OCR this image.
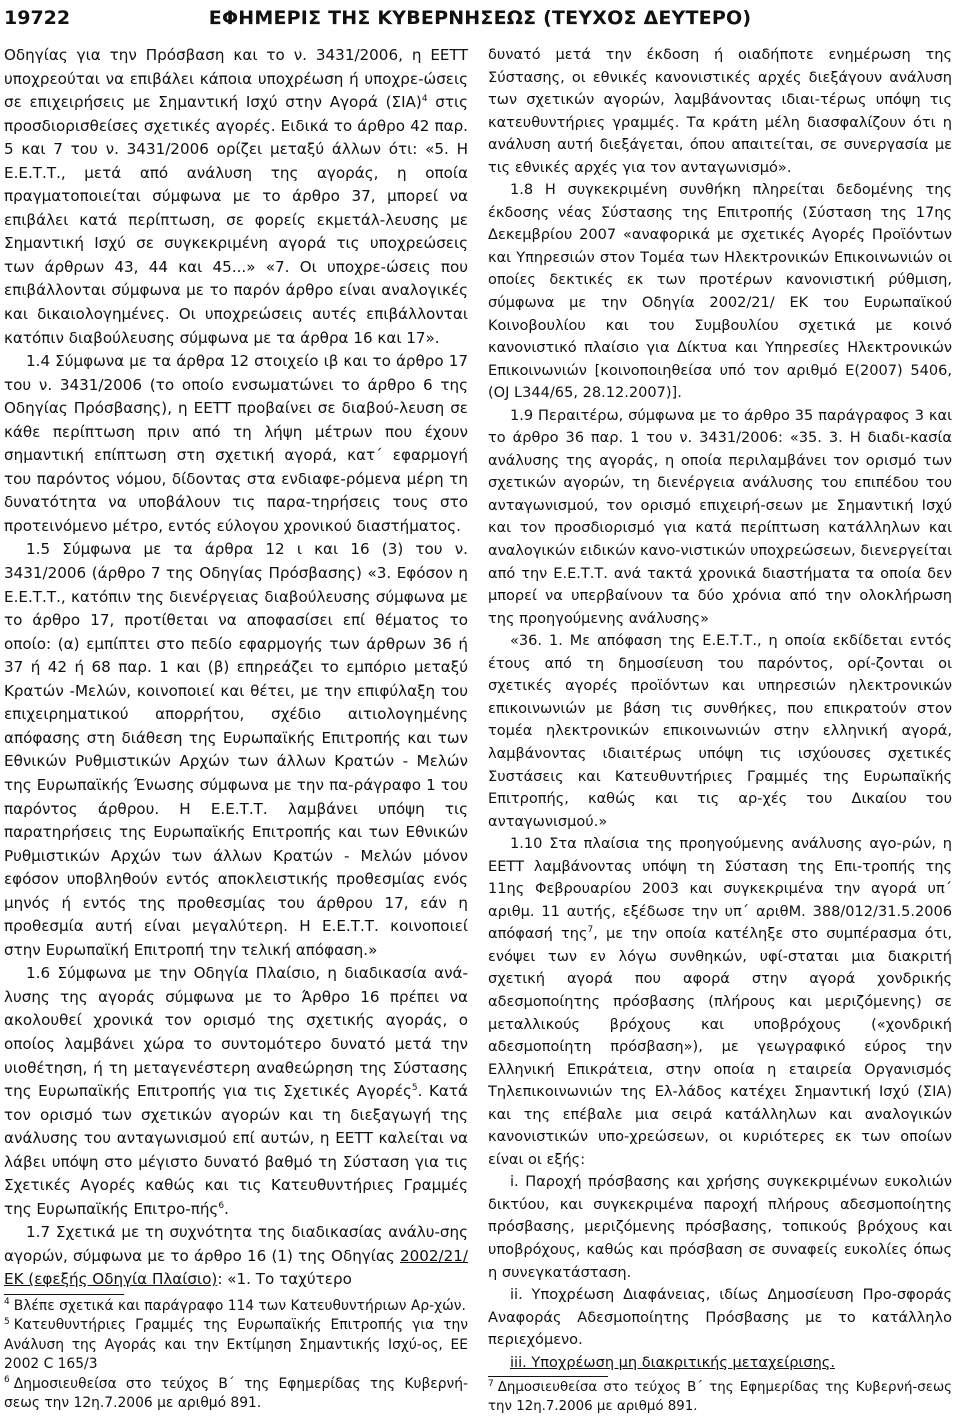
19722	ΕΦΗΜΕΡΙΣ ΤΗΣ ΚΥΒΕΡΝΗΣΕΩΣ (ΤΕΥΧΟΣ ΔΕΥΤΕΡΟ)

Οδηγίας για την Πρόσβαση και το ν. 3431/2006, η ΕΕΤΤ υποχρεούται να επιβάλει κάποια υποχρέωση ή υποχρε-ώσεις σε επιχειρήσεις με Σημαντική Ισχύ στην Αγορά $(\Sigma IA)^4$ στις προσδιορισθείσες σχετικές αγορές. Ειδικά το άρθρο 42 παρ. 5 και 7 του ν. 3431/2006 ορίζει μεταξύ άλλων ότι: «5. Η Ε.Ε.Τ.Τ., μετά από ανάλυση της αγοράς, η οποία πραγματοποιείται σύμφωνα με το άρθρο 37, μπορεί να επιβάλει κατά περίπτωση, σε φορείς εκμετάλ-λευσης με Σημαντική Ισχύ σε συγκεκριμένη αγορά τις υποχρεώσεις των άρθρων 43, 44 και 45...» «7. Οι υποχρε-ώσεις που επιβάλλονται σύμφωνα με το παρόν άρθρο είναι αναλογικές και δικαιολογημένες. Οι υποχρεώσεις αυτές επιβάλλονται κατόπιν διαβούλευσης σύμφωνα με τα άρθρα 16 και 17».

1.4 Σύμφωνα με τα άρθρα 12 στοιχείο ιβ και το άρθρο 17 του ν. 3431/2006 (το οποίο ενσωματώνει το άρθρο 6 της Οδηγίας Πρόσβασης), η ΕΕΤΤ προβαίνει σε διαβού-λευση σε κάθε περίπτωση πριν από τη λήψη μέτρων που έχουν σημαντική επίπτωση στη σχετική αγορά, κατ΄ εφαρμογή του παρόντος νόμου, δίδοντας στα ενδιαφε-ρόμενα μέρη τη δυνατότητα να υποβάλουν τις παρα-τηρήσεις τους στο προτεινόμενο μέτρο, εντός εύλογου χρονικού διαστήματος.

1.5 Σύμφωνα με τα άρθρα 12 ι και 16 (3) του ν. 3431/2006 (άρθρο 7 της Οδηγίας Πρόσβασης) «3. Εφόσον η Ε.Ε.Τ.Τ., κατόπιν της διενέργειας διαβούλευσης σύμφωνα με το άρθρο 17, προτίθεται να αποφασίσει επί θέματος το οποίο: (α) εμπίπτει στο πεδίο εφαρμογής των άρθρων 36 ή 37 ή 42 ή 68 παρ. 1 και (β) επηρεάζει το εμπόριο μεταξύ Κρατών -Μελών, κοινοποιεί και θέτει, με την επιφύλαξη του επιχειρηματικού απορρήτου, σχέδιο αιτιολογημένης απόφασης στη διάθεση της Ευρωπαϊκής Επιτροπής και των Εθνικών Ρυθμιστικών Αρχών των άλλων Κρατών - Μελών της Ευρωπαϊκής Ένωσης σύμφωνα με την πα-ράγραφο 1 του παρόντος άρθρου. Η Ε.Ε.Τ.Τ. λαμβάνει υπόψη τις παρατηρήσεις της Ευρωπαϊκής Επιτροπής και των Εθνικών Ρυθμιστικών Αρχών των άλλων Κρατών - Μελών μόνον εφόσον υποβληθούν εντός αποκλειστικής προθεσμίας ενός μηνός ή εντός της προθεσμίας του άρθρου 17, εάν η προθεσμία αυτή είναι μεγαλύτερη. Η Ε.Ε.Τ.Τ. κοινοποιεί στην Ευρωπαϊκή Επιτροπή την τελική απόφαση.»

1.6 Σύμφωνα με την Οδηγία Πλαίσιο, η διαδικασία ανά-λυσης της αγοράς σύμφωνα με το Άρθρο 16 πρέπει να ακολουθεί χρονικά τον ορισμό της σχετικής αγοράς, ο οποίος λαμβάνει χώρα το συντομότερο δυνατό μετά την υιοθέτηση, ή τη μεταγενέστερη αναθεώρηση της Σύστασης της Ευρωπαϊκής Επιτροπής για τις Σχετικές Αγορές$^5$. Κατά τον ορισμό των σχετικών αγορών και τη διεξαγωγή της ανάλυσης του ανταγωνισμού επί αυτών, η ΕΕΤΤ καλείται να λάβει υπόψη στο μέγιστο δυνατό βαθμό τη Σύσταση για τις Σχετικές Αγορές καθώς και τις Κατευθυντήριες Γραμμές της Ευρωπαϊκής Επιτρο-πής$^6$.

1.7 Σχετικά με τη συχνότητα της διαδικασίας ανάλυ-σης αγορών, σύμφωνα με το άρθρο 16 (1) της Οδηγίας 2002/21/ΕΚ (εφεξής Οδηγία Πλαίσιο): «1. Το ταχύτερο

$^4$ Βλέπε σχετικά και παράγραφο 114 των Κατευθυντήριων Αρ-χών.

$^5$ Κατευθυντήριες Γραμμές της Ευρωπαϊκής Επιτροπής για την Ανάλυση της Αγοράς και την Εκτίμηση Σημαντικής Ισχύ-ος, ΕΕ 2002 C 165/3

$^6$ Δημοσιευθείσα στο τεύχος Β΄ της Εφημερίδας της Κυβερνή-σεως την 12η.7.2006 με αριθμό 891.

δυνατό μετά την έκδοση ή οιαδήποτε ενημέρωση της Σύστασης, οι εθνικές κανονιστικές αρχές διεξάγουν ανάλυση των σχετικών αγορών, λαμβάνοντας ιδιαι-τέρως υπόψη τις κατευθυντήριες γραμμές. Τα κράτη μέλη διασφαλίζουν ότι η ανάλυση αυτή διεξάγεται, όπου απαιτείται, σε συνεργασία με τις εθνικές αρχές για τον ανταγωνισμό».

1.8 Η συγκεκριμένη συνθήκη πληρείται δεδομένης της έκδοσης νέας Σύστασης της Επιτροπής (Σύσταση της 17ης Δεκεμβρίου 2007 «αναφορικά με σχετικές Αγορές Προϊόντων και Υπηρεσιών στον Τομέα των Ηλεκτρονικών Επικοινωνιών οι οποίες δεκτικές εκ των προτέρων κανονιστική ρύθμιση, σύμφωνα με την Οδηγία 2002/21/ ΕΚ του Ευρωπαϊκού Κοινοβουλίου και του Συμβουλίου σχετικά με κοινό κανονιστικό πλαίσιο για Δίκτυα και Υπηρεσίες Ηλεκτρονικών Επικοινωνιών [κοινοποιηθείσα υπό τον αριθμό Ε(2007) 5406, (OJ L344/65, 28.12.2007)].

1.9 Περαιτέρω, σύμφωνα με το άρθρο 35 παράγραφος 3 και το άρθρο 36 παρ. 1 του ν. 3431/2006: «35. 3. Η διαδι-κασία ανάλυσης της αγοράς, η οποία περιλαμβάνει τον ορισμό των σχετικών αγορών, τη διενέργεια ανάλυσης του επιπέδου του ανταγωνισμού, τον ορισμό επιχειρή-σεων με Σημαντική Ισχύ και τον προσδιορισμό για κατά περίπτωση κατάλληλων και αναλογικών ειδικών κανο-νιστικών υποχρεώσεων, διενεργείται από την Ε.Ε.Τ.Τ. ανά τακτά χρονικά διαστήματα τα οποία δεν μπορεί να υπερβαίνουν τα δύο χρόνια από την ολοκλήρωση της προηγούμενης ανάλυσης»

«36. 1. Με απόφαση της Ε.Ε.Τ.Τ., η οποία εκδίδεται εντός έτους από τη δημοσίευση του παρόντος, ορί-ζονται οι σχετικές αγορές προϊόντων και υπηρεσιών ηλεκτρονικών επικοινωνιών με βάση τις συνθήκες, που επικρατούν στον τομέα ηλεκτρονικών επικοινωνιών στην ελληνική αγορά, λαμβάνοντας ιδιαιτέρως υπόψη τις ισχύουσες σχετικές Συστάσεις και Κατευθυντήριες Γραμμές της Ευρωπαϊκής Επιτροπής, καθώς και τις αρ-χές του Δικαίου του ανταγωνισμού.»

1.10 Στα πλαίσια της προηγούμενης ανάλυσης αγο-ρών, η ΕΕΤΤ λαμβάνοντας υπόψη τη Σύσταση της Επι-τροπής της 11ης Φεβρουαρίου 2003 και συγκεκριμένα την αγορά υπ΄ αριθμ. 11 αυτής, εξέδωσε την υπ΄ αριθΜ. 388/012/31.5.2006 απόφασή της$^7$, με την οποία κατέληξε στο συμπέρασμα ότι, ενόψει των εν λόγω συνθηκών, υφί-σταται μια διακριτή σχετική αγορά που αφορά στην αγορά χονδρικής αδεσμοποίητης πρόσβασης (πλήρους και μεριζόμενης) σε μεταλλικούς βρόχους και υποβρόχους («χονδρική αδεσμοποίητη πρόσβαση»), με γεωγραφικό εύρος την Ελληνική Επικράτεια, στην οποία η εταιρεία Οργανισμός Τηλεπικοινωνιών της Ελ-λάδος κατέχει Σημαντική Ισχύ (ΣΙΑ) και της επέβαλε μια σειρά κατάλληλων και αναλογικών κανονιστικών υπο-χρεώσεων, οι κυριότερες εκ των οποίων είναι οι εξής:

i. Παροχή πρόσβασης και χρήσης συγκεκριμένων ευκολιών δικτύου, και συγκεκριμένα παροχή πλήρους αδεσμοποίητης πρόσβασης, μεριζόμενης πρόσβασης, τοπικούς βρόχους και υποβρόχους, καθώς και πρόσβαση σε συναφείς ευκολίες όπως η συνεγκατάσταση.

ii. Υποχρέωση Διαφάνειας, ιδίως Δημοσίευση Προ-σφοράς Αναφοράς Αδεσμοποίητης Πρόσβασης με το κατάλληλο περιεχόμενο.

iii. Υποχρέωση μη διακριτικής μεταχείρισης.

$^7$ Δημοσιευθείσα στο τεύχος Β΄ της Εφημερίδας της Κυβερνή-σεως την 12η.7.2006 με αριθμό 891.
